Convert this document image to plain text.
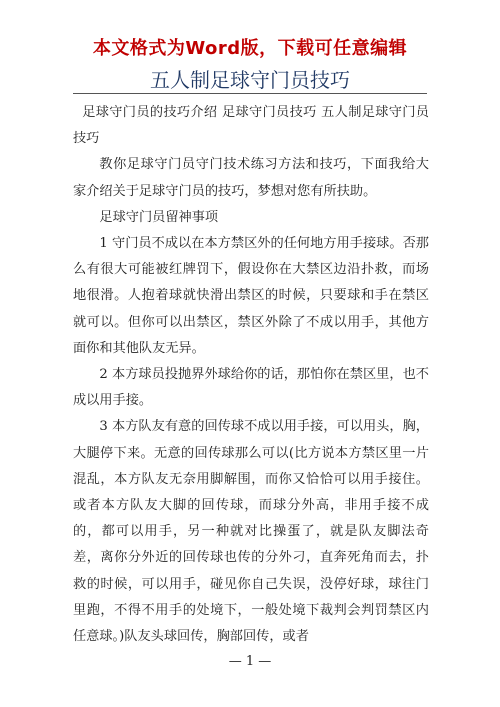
本文格式为Word版，下载可任意编辑
五人制足球守门员技巧

足球守门员的技巧介绍 足球守门员技巧 五人制足球守门员技巧

教你足球守门员守门技术练习方法和技巧，下面我给大家介绍关于足球守门员的技巧，梦想对您有所扶助。

足球守门员留神事项

1 守门员不成以在本方禁区外的任何地方用手接球。否那么有很大可能被红牌罚下，假设你在大禁区边沿扑救，而场地很滑。人抱着球就快滑出禁区的时候，只要球和手在禁区就可以。但你可以出禁区，禁区外除了不成以用手，其他方面你和其他队友无异。

2 本方球员投抛界外球给你的话，那怕你在禁区里，也不成以用手接。

3 本方队友有意的回传球不成以用手接，可以用头，胸，大腿停下来。无意的回传球那么可以(比方说本方禁区里一片混乱，本方队友无奈用脚解围，而你又恰恰可以用手接住。或者本方队友大脚的回传球，而球分外高，非用手接不成的，都可以用手，另一种就对比操蛋了，就是队友脚法奇差，离你分外近的回传球也传的分外刁，直奔死角而去，扑救的时候，可以用手，碰见你自己失误，没停好球，球往门里跑，不得不用手的处境下，一般处境下裁判会判罚禁区内任意球。)队友头球回传，胸部回传，或者

— 1 —
